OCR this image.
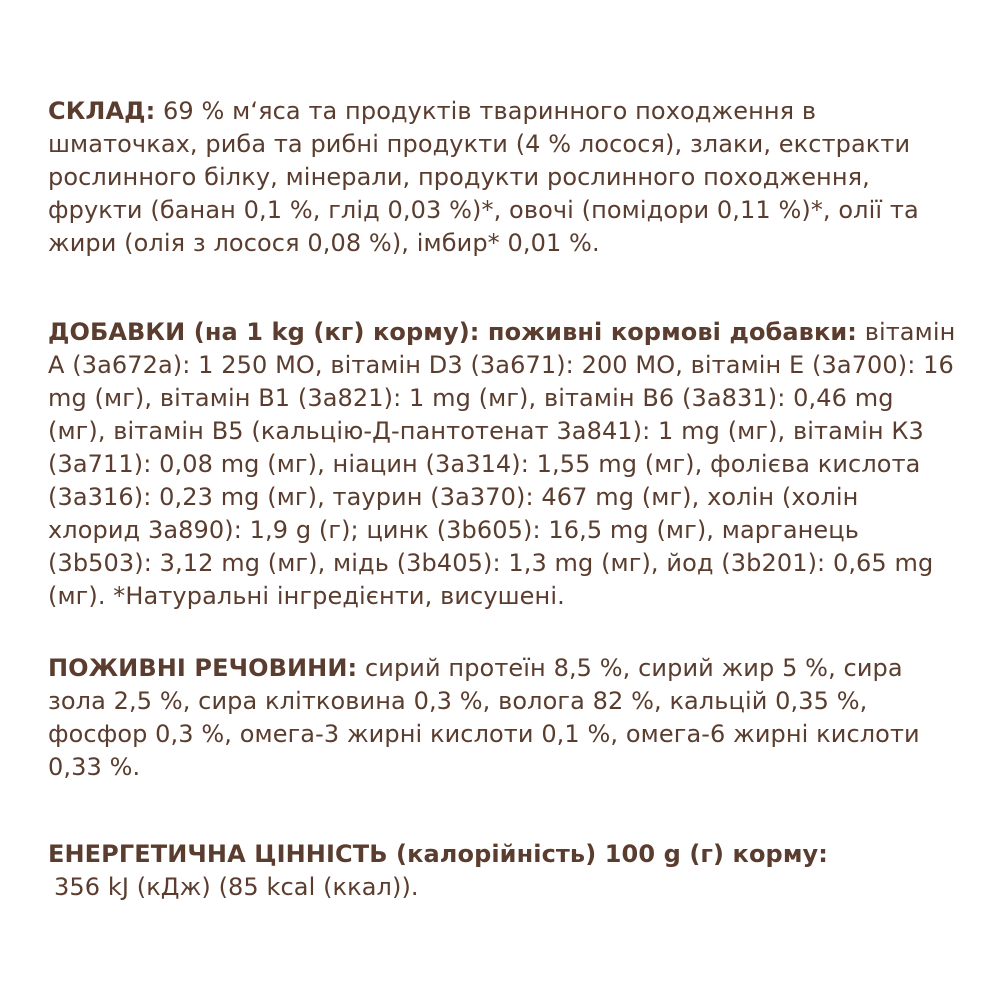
СКЛАД: 69 % м‘яса та продуктів тваринного походження в шматочках, риба та рибні продукти (4 % лосося), злаки, екстракти рослинного білку, мінерали, продукти рослинного походження, фрукти (банан 0,1 %, глід 0,03 %)*, овочі (помідори 0,11 %)*, олії та жири (олія з лосося 0,08 %), імбир* 0,01 %.
ДОБАВКИ (на 1 kg (кг) корму): поживні кормові добавки: вітамін А (3а672а): 1 250 МО, вітамін D3 (3а671): 200 МО, вітамін Е (3а700): 16 mg (мг), вітамін B1 (3а821): 1 mg (мг), вітамін B6 (3а831): 0,46 mg (мг), вітамін B5 (кальцію-Д-пантотенат 3а841): 1 mg (мг), вітамін К3 (3а711): 0,08 mg (мг), ніацин (3а314): 1,55 mg (мг), фолієва кислота (3а316): 0,23 mg (мг), таурин (3а370): 467 mg (мг), холін (холін хлорид 3а890): 1,9 g (г); цинк (3b605): 16,5 mg (мг), марганець (3b503): 3,12 mg (мг), мідь (3b405): 1,3 mg (мг), йод (3b201): 0,65 mg (мг). *Натуральні інгредієнти, висушені.
ПОЖИВНІ РЕЧОВИНИ: сирий протеїн 8,5 %, сирий жир 5 %, сира зола 2,5 %, сира клітковина 0,3 %, волога 82 %, кальцій 0,35 %, фосфор 0,3 %, омега-3 жирні кислоти 0,1 %, омега-6 жирні кислоти 0,33 %.
ЕНЕРГЕТИЧНА ЦІННІСТЬ (калорійність) 100 g (г) корму:
356 kJ (кДж) (85 kcal (ккал)).
